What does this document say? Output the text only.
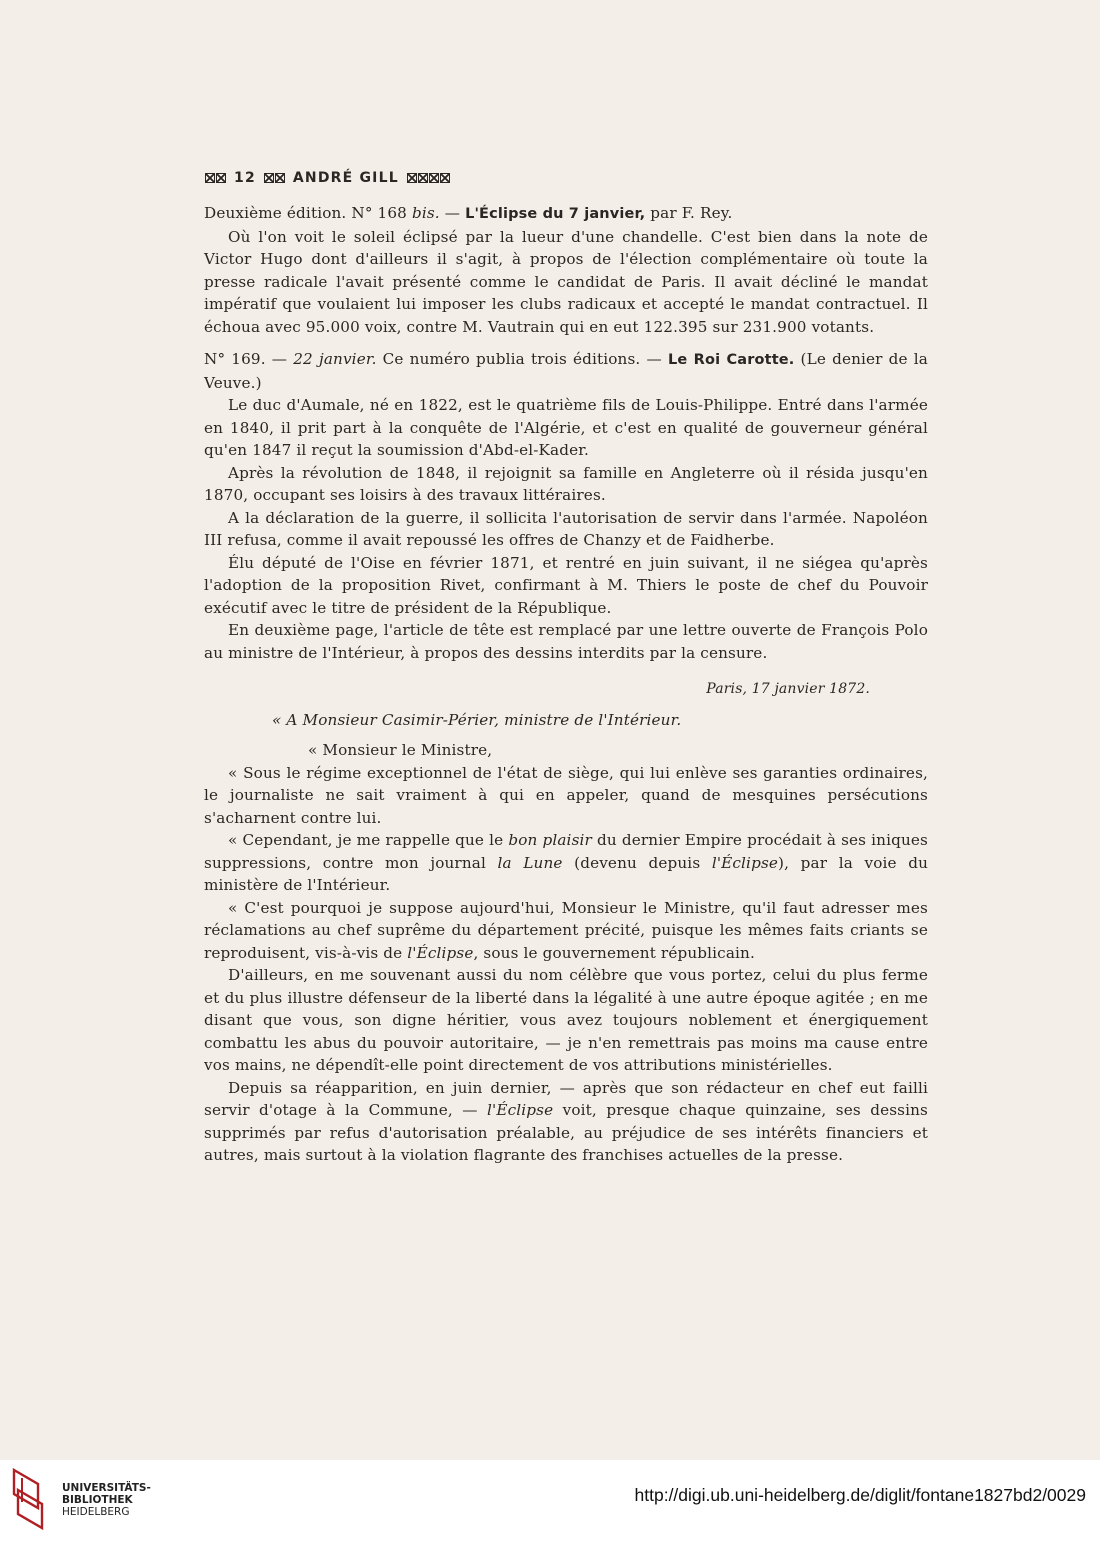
12	ANDRÉ GILL

Deuxième édition. N° 168 bis. — L'Éclipse du 7 janvier, par F. Rey.

Où l'on voit le soleil éclipsé par la lueur d'une chandelle. C'est bien dans la note de Victor Hugo dont d'ailleurs il s'agit, à propos de l'élection complémentaire où toute la presse radicale l'avait présenté comme le candidat de Paris. Il avait décliné le mandat impératif que voulaient lui imposer les clubs radicaux et accepté le mandat contractuel. Il échoua avec 95.000 voix, contre M. Vautrain qui en eut 122.395 sur 231.900 votants.

N° 169. — 22 janvier. Ce numéro publia trois éditions. — Le Roi Carotte. (Le denier de la Veuve.)

Le duc d'Aumale, né en 1822, est le quatrième fils de Louis-Philippe. Entré dans l'armée en 1840, il prit part à la conquête de l'Algérie, et c'est en qualité de gouverneur général qu'en 1847 il reçut la soumission d'Abd-el-Kader.

Après la révolution de 1848, il rejoignit sa famille en Angleterre où il résida jusqu'en 1870, occupant ses loisirs à des travaux littéraires.

A la déclaration de la guerre, il sollicita l'autorisation de servir dans l'armée. Napoléon III refusa, comme il avait repoussé les offres de Chanzy et de Faidherbe.

Élu député de l'Oise en février 1871, et rentré en juin suivant, il ne siégea qu'après l'adoption de la proposition Rivet, confirmant à M. Thiers le poste de chef du Pouvoir exécutif avec le titre de président de la République.

En deuxième page, l'article de tête est remplacé par une lettre ouverte de François Polo au ministre de l'Intérieur, à propos des dessins interdits par la censure.

Paris, 17 janvier 1872.

« A Monsieur Casimir-Périer, ministre de l'Intérieur.

« Monsieur le Ministre,

« Sous le régime exceptionnel de l'état de siège, qui lui enlève ses garanties ordinaires, le journaliste ne sait vraiment à qui en appeler, quand de mesquines persécutions s'acharnent contre lui.

« Cependant, je me rappelle que le bon plaisir du dernier Empire procédait à ses iniques suppressions, contre mon journal la Lune (devenu depuis l'Éclipse), par la voie du ministère de l'Intérieur.

« C'est pourquoi je suppose aujourd'hui, Monsieur le Ministre, qu'il faut adresser mes réclamations au chef suprême du département précité, puisque les mêmes faits criants se reproduisent, vis-à-vis de l'Éclipse, sous le gouvernement républicain.

D'ailleurs, en me souvenant aussi du nom célèbre que vous portez, celui du plus ferme et du plus illustre défenseur de la liberté dans la légalité à une autre époque agitée ; en me disant que vous, son digne héritier, vous avez toujours noblement et énergiquement combattu les abus du pouvoir autoritaire, — je n'en remettrais pas moins ma cause entre vos mains, ne dépendît-elle point directement de vos attributions ministérielles.

Depuis sa réapparition, en juin dernier, — après que son rédacteur en chef eut failli servir d'otage à la Commune, — l'Éclipse voit, presque chaque quinzaine, ses dessins supprimés par refus d'autorisation préalable, au préjudice de ses intérêts financiers et autres, mais surtout à la violation flagrante des franchises actuelles de la presse.

UNIVERSITÄTS-
BIBLIOTHEK
HEIDELBERG
http://digi.ub.uni-heidelberg.de/diglit/fontane1827bd2/0029
